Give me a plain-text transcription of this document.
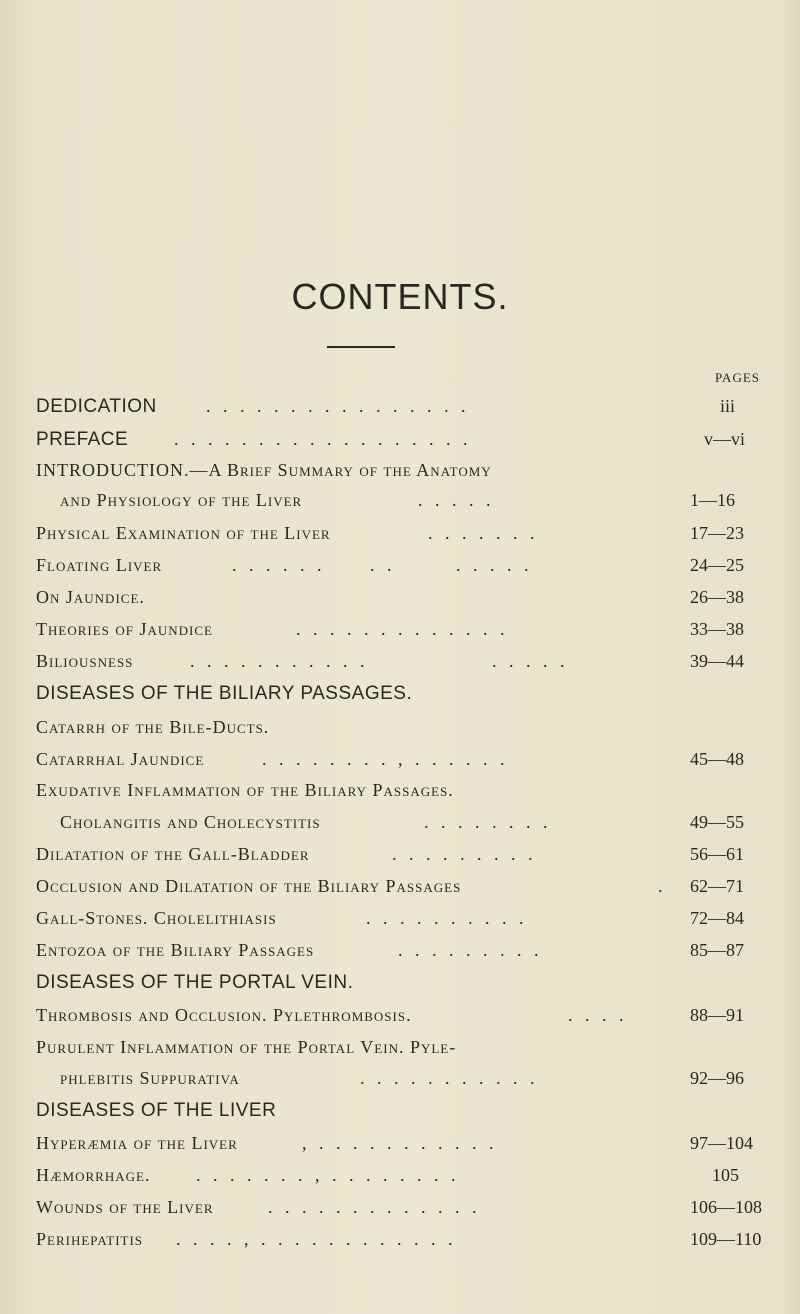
CONTENTS.
PAGES
DEDICATION	. . . . . . . . . . . . . . . .	iii
PREFACE	. . . . . . . . . . . . . . . . . .	v—vi
INTRODUCTION.—A Brief Summary of the Anatomy
and Physiology of the Liver	. . . . .	1—16
Physical Examination of the Liver	. . . . . . .	17—23
Floating Liver	. . . . . .	. .	. . . . .	24—25
On Jaundice.	26—38
Theories of Jaundice	. . . . . . . . . . . . .	33—38
Biliousness	. . . . . . . . . . .	. . . . .	39—44
DISEASES OF THE BILIARY PASSAGES.
Catarrh of the Bile-Ducts.
Catarrhal Jaundice	. . . . . . . . , . . . . . .	45—48
Exudative Inflammation of the Biliary Passages.
Cholangitis and Cholecystitis	. . . . . . . .	49—55
Dilatation of the Gall-Bladder	. . . . . . . . .	56—61
Occlusion and Dilatation of the Biliary Passages	.	62—71
Gall-Stones. Cholelithiasis	. . . . . . . . . .	72—84
Entozoa of the Biliary Passages	. . . . . . . . .	85—87
DISEASES OF THE PORTAL VEIN.
Thrombosis and Occlusion. Pylethrombosis.	. . . .	88—91
Purulent Inflammation of the Portal Vein. Pyle-
phlebitis Suppurativa	. . . . . . . . . . .	92—96
DISEASES OF THE LIVER
Hyperæmia of the Liver	, . . . . . . . . . . .	97—104
Hæmorrhage.	. . . . . . . , . . . . . . . .	105
Wounds of the Liver	. . . . . . . . . . . . .	106—108
Perihepatitis . . . . , . . . . . . . . . . . .	109—110
